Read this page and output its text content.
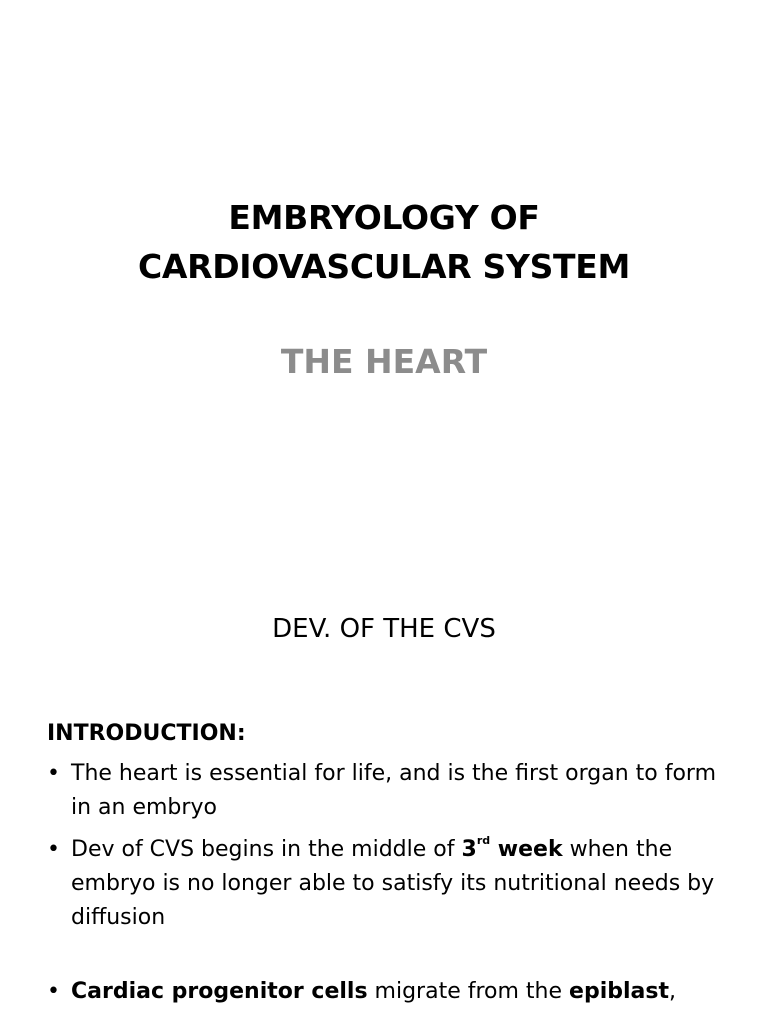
EMBRYOLOGY OF
CARDIOVASCULAR SYSTEM
THE HEART
DEV. OF THE CVS
INTRODUCTION:
• The heart is essential for life, and is the first organ to form in an embryo
• Dev of CVS begins in the middle of 3rd week when the embryo is no longer able to satisfy its nutritional needs by diffusion
• Cardiac progenitor cells migrate from the epiblast,
